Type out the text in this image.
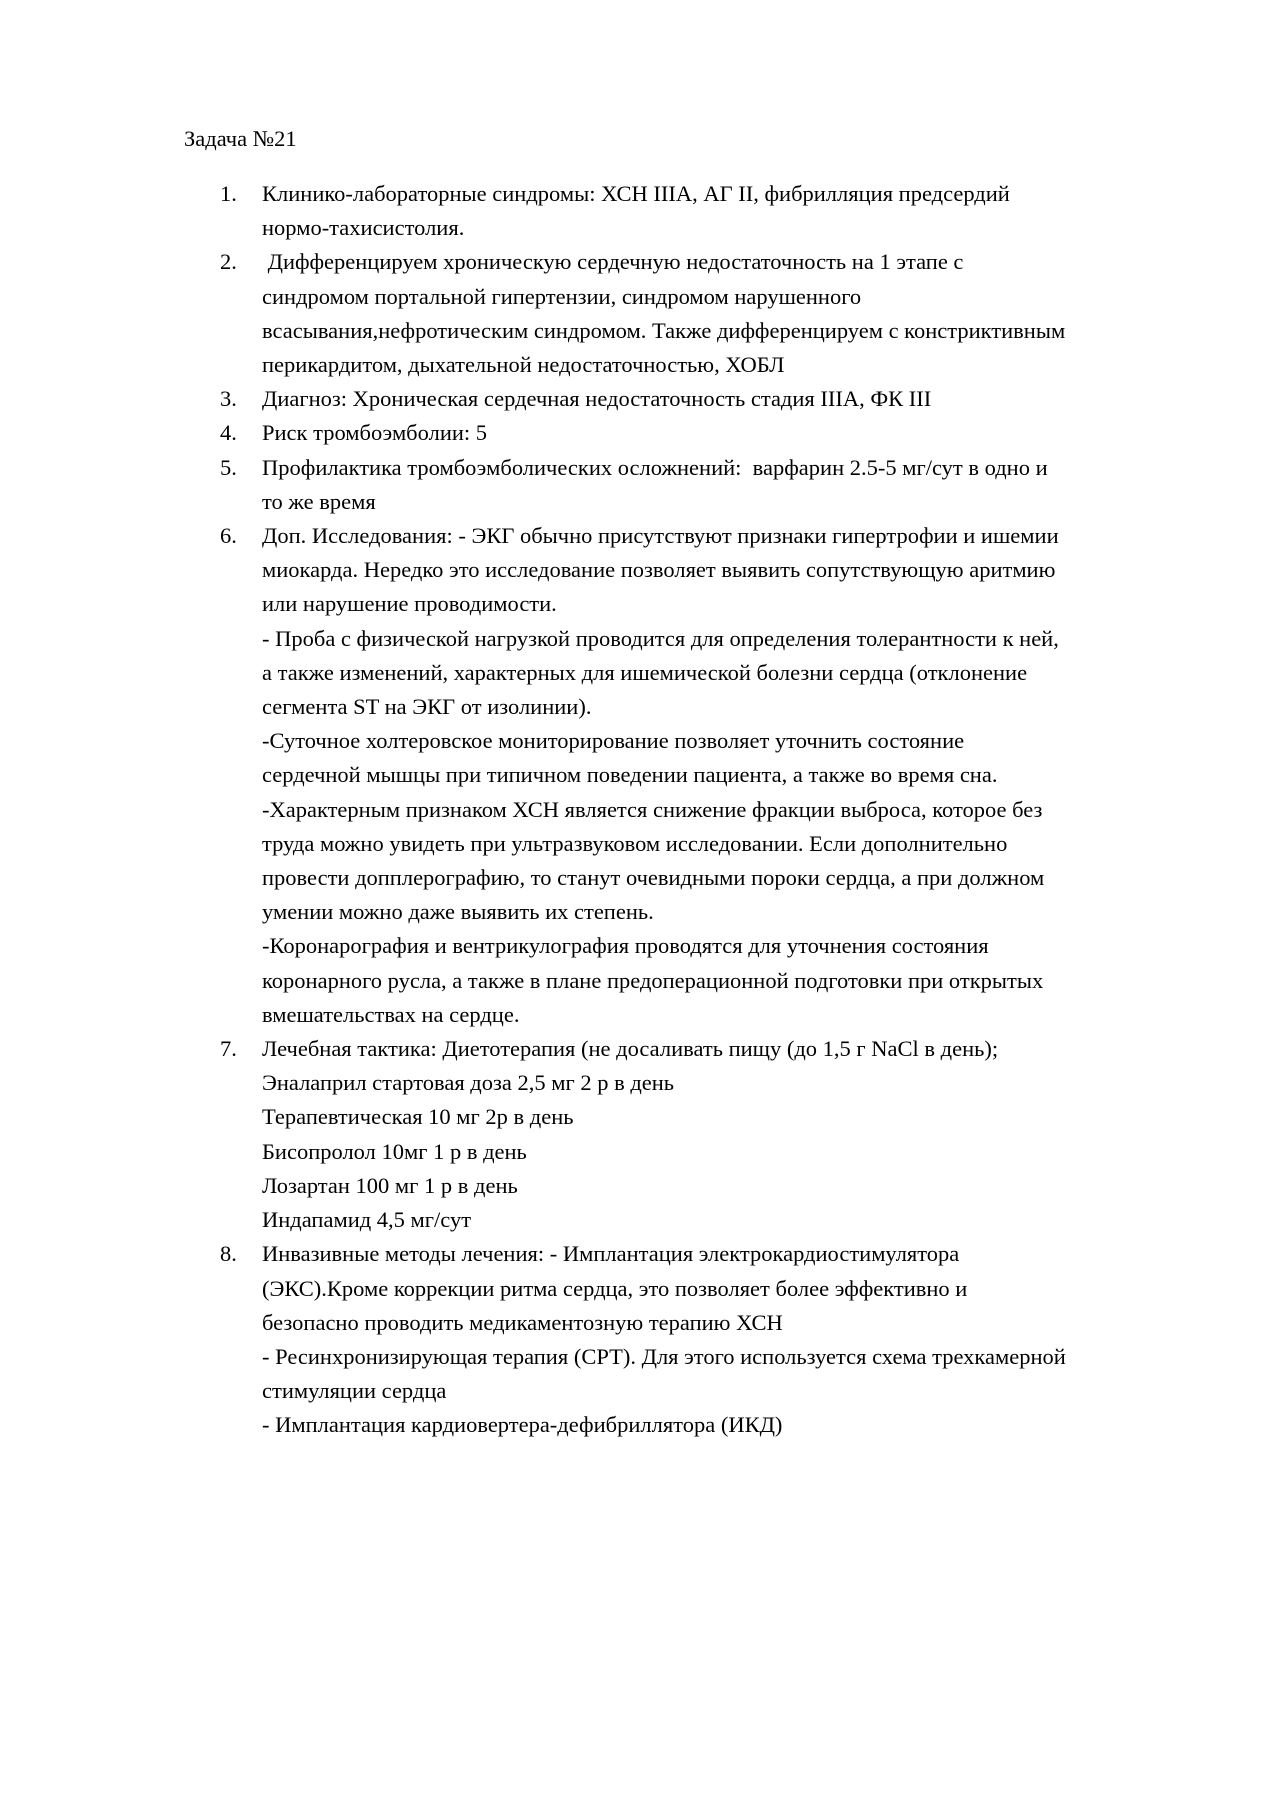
Задача №21
1.	Клинико-лабораторные синдромы: ХСН IIIА, АГ II, фибрилляция предсердий
нормо-тахисистолия.
2.	Дифференцируем хроническую сердечную недостаточность на 1 этапе с
синдромом портальной гипертензии, синдромом нарушенного
всасывания,нефротическим синдромом. Также дифференцируем с констриктивным
перикардитом, дыхательной недостаточностью, ХОБЛ
3.	Диагноз: Хроническая сердечная недостаточность стадия IIIА, ФК III
4.	Риск тромбоэмболии: 5
5.	Профилактика тромбоэмболических осложнений:  варфарин 2.5-5 мг/сут в одно и
то же время
6.	Доп. Исследования: - ЭКГ обычно присутствуют признаки гипертрофии и ишемии
миокарда. Нередко это исследование позволяет выявить сопутствующую аритмию
или нарушение проводимости.
- Проба с физической нагрузкой проводится для определения толерантности к ней,
а также изменений, характерных для ишемической болезни сердца (отклонение
сегмента ST на ЭКГ от изолинии).
-Суточное холтеровское мониторирование позволяет уточнить состояние
сердечной мышцы при типичном поведении пациента, а также во время сна.
-Характерным признаком ХСН является снижение фракции выброса, которое без
труда можно увидеть при ультразвуковом исследовании. Если дополнительно
провести допплерографию, то станут очевидными пороки сердца, а при должном
умении можно даже выявить их степень.
-Коронарография и вентрикулография проводятся для уточнения состояния
коронарного русла, а также в плане предоперационной подготовки при открытых
вмешательствах на сердце.
7.	Лечебная тактика: Диетотерапия (не досаливать пищу (до 1,5 г NaCl в день);
Эналаприл стартовая доза 2,5 мг 2 р в день
Терапевтическая 10 мг 2р в день
Бисопролол 10мг 1 р в день
Лозартан 100 мг 1 р в день
Индапамид 4,5 мг/сут
8.	Инвазивные методы лечения: - Имплантация электрокардиостимулятора
(ЭКС).Кроме коррекции ритма сердца, это позволяет более эффективно и
безопасно проводить медикаментозную терапию ХСН
- Ресинхронизирующая терапия (СРТ). Для этого используется схема трехкамерной
стимуляции сердца
- Имплантация кардиовертера-дефибриллятора (ИКД)
